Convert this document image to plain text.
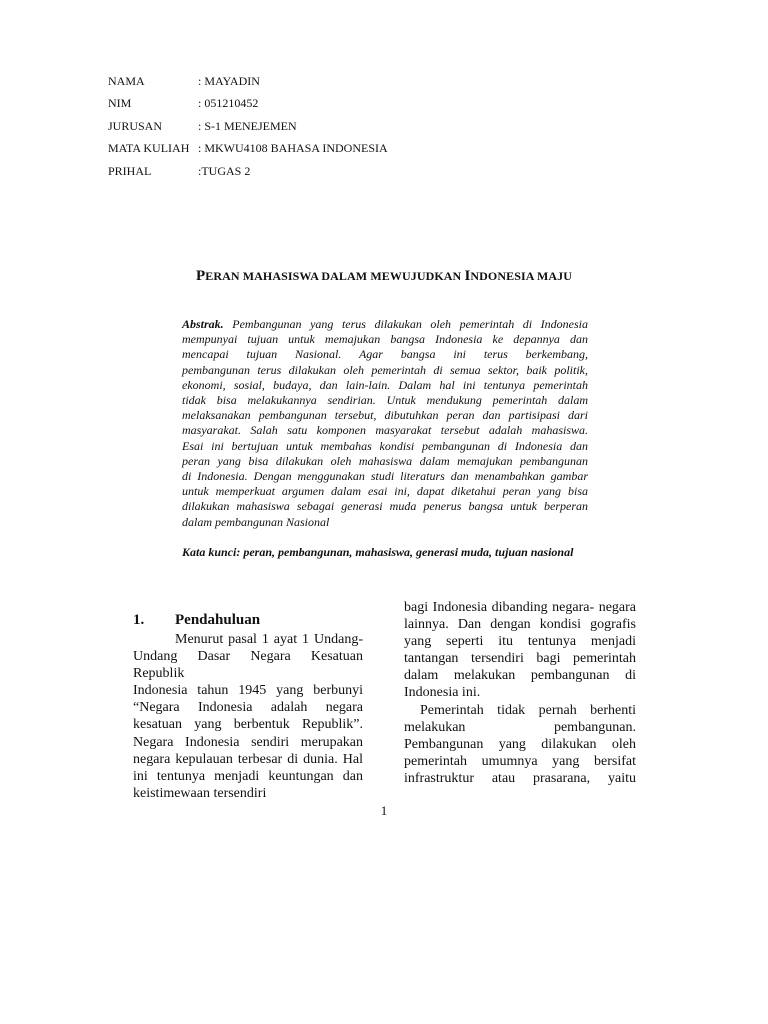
NAMA	: MAYADIN
NIM	: 051210452
JURUSAN	: S-1 MENEJEMEN
MATA KULIAH : MKWU4108 BAHASA INDONESIA
PRIHAL	:TUGAS 2
PERAN MAHASISWA DALAM MEWUJUDKAN INDONESIA MAJU
Abstrak. Pembangunan yang terus dilakukan oleh pemerintah di Indonesia
mempunyai tujuan untuk memajukan bangsa Indonesia ke depannya dan
mencapai tujuan Nasional. Agar bangsa ini terus berkembang,
pembangunan terus dilakukan oleh pemerintah di semua sektor, baik politik,
ekonomi, sosial, budaya, dan lain-lain. Dalam hal ini tentunya pemerintah
tidak bisa melakukannya sendirian. Untuk mendukung pemerintah dalam
melaksanakan pembangunan tersebut, dibutuhkan peran dan partisipasi dari
masyarakat. Salah satu komponen masyarakat tersebut adalah mahasiswa.
Esai ini bertujuan untuk membahas kondisi pembangunan di Indonesia dan
peran yang bisa dilakukan oleh mahasiswa dalam memajukan pembangunan
di Indonesia. Dengan menggunakan studi literaturs dan menambahkan gambar
untuk memperkuat argumen dalam esai ini, dapat diketahui peran yang bisa
dilakukan mahasiswa sebagai generasi muda penerus bangsa untuk berperan
dalam pembangunan Nasional
Kata kunci: peran, pembangunan, mahasiswa, generasi muda, tujuan nasional
1. Pendahuluan
Menurut pasal 1 ayat 1 Undang-
Undang Dasar Negara Kesatuan Republik
Indonesia tahun 1945 yang berbunyi
“Negara Indonesia adalah negara
kesatuan yang berbentuk Republik”.
Negara Indonesia sendiri merupakan
negara kepulauan terbesar di dunia. Hal
ini tentunya menjadi keuntungan dan
keistimewaan tersendiri
bagi Indonesia dibanding negara- negara
lainnya. Dan dengan kondisi gografis
yang seperti itu tentunya menjadi
tantangan tersendiri bagi pemerintah
dalam melakukan pembangunan di
Indonesia ini.
Pemerintah tidak pernah berhenti
melakukan pembangunan.
Pembangunan yang dilakukan oleh
pemerintah umumnya yang bersifat
infrastruktur atau prasarana, yaitu
1
